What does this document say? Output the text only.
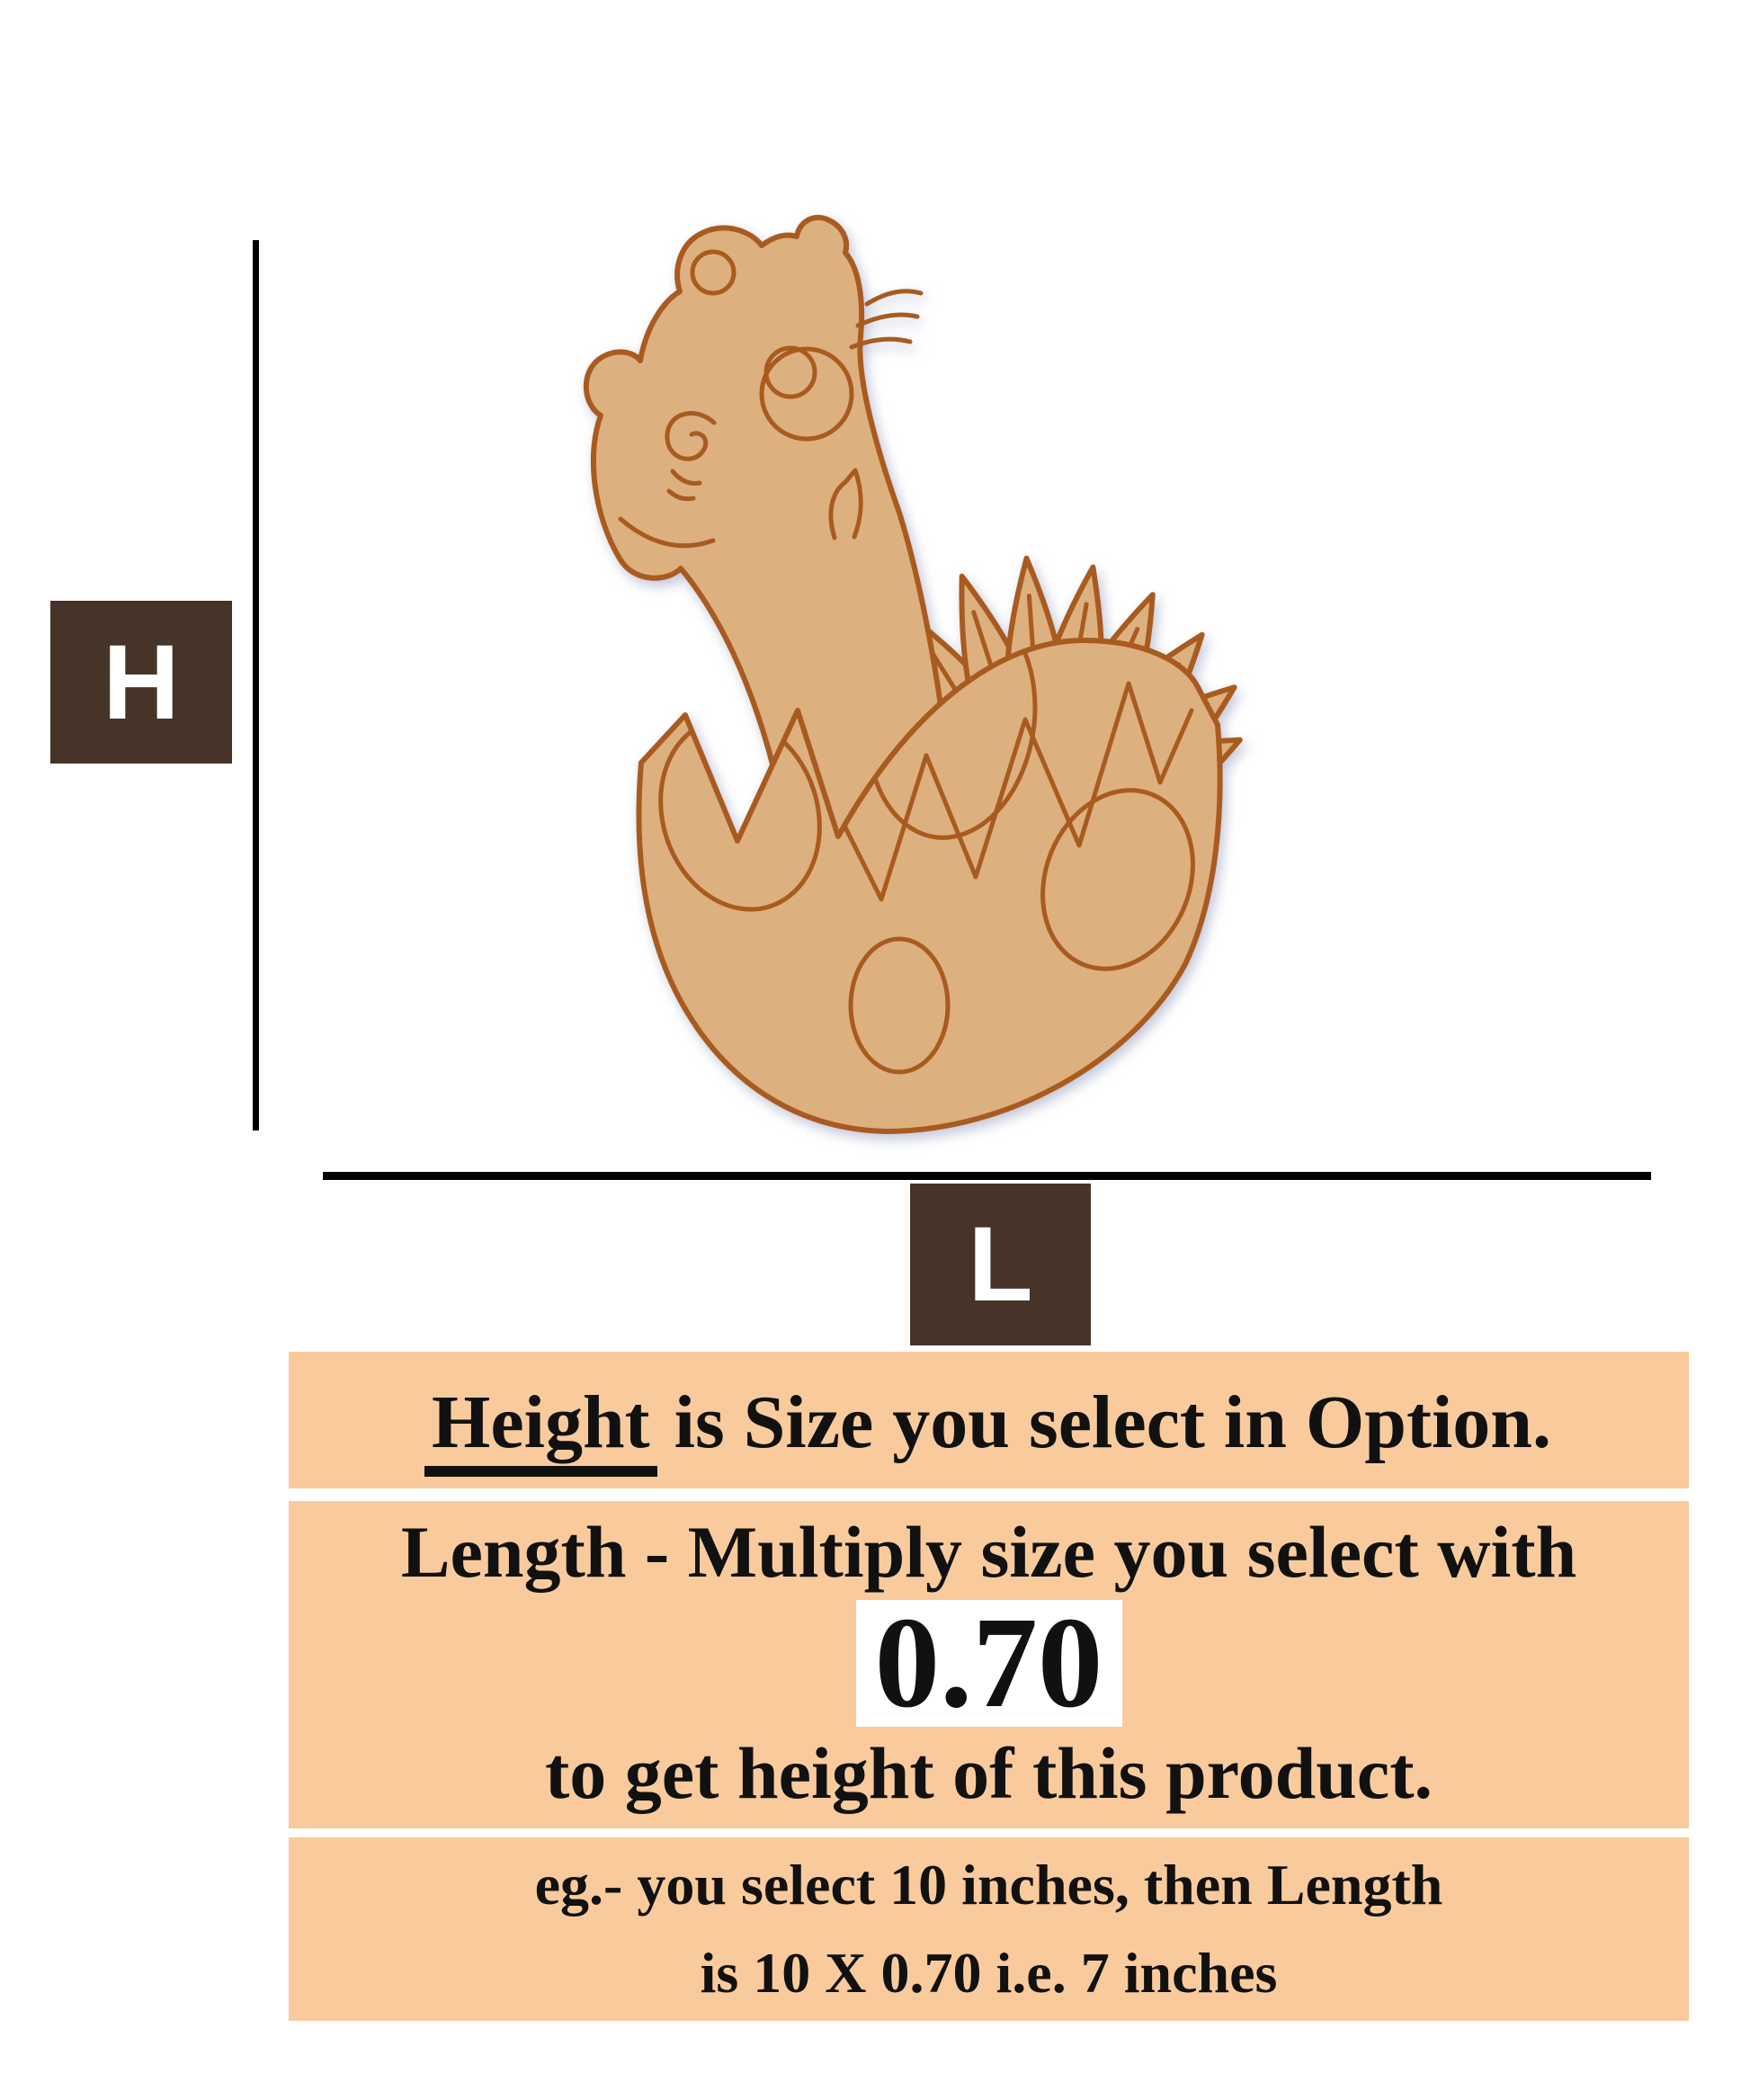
H
L
Height is Size you select in Option.
Length - Multiply size you select with
0.70
to get height of this product.
eg.- you select 10 inches, then Length
is 10 X 0.70 i.e. 7 inches
